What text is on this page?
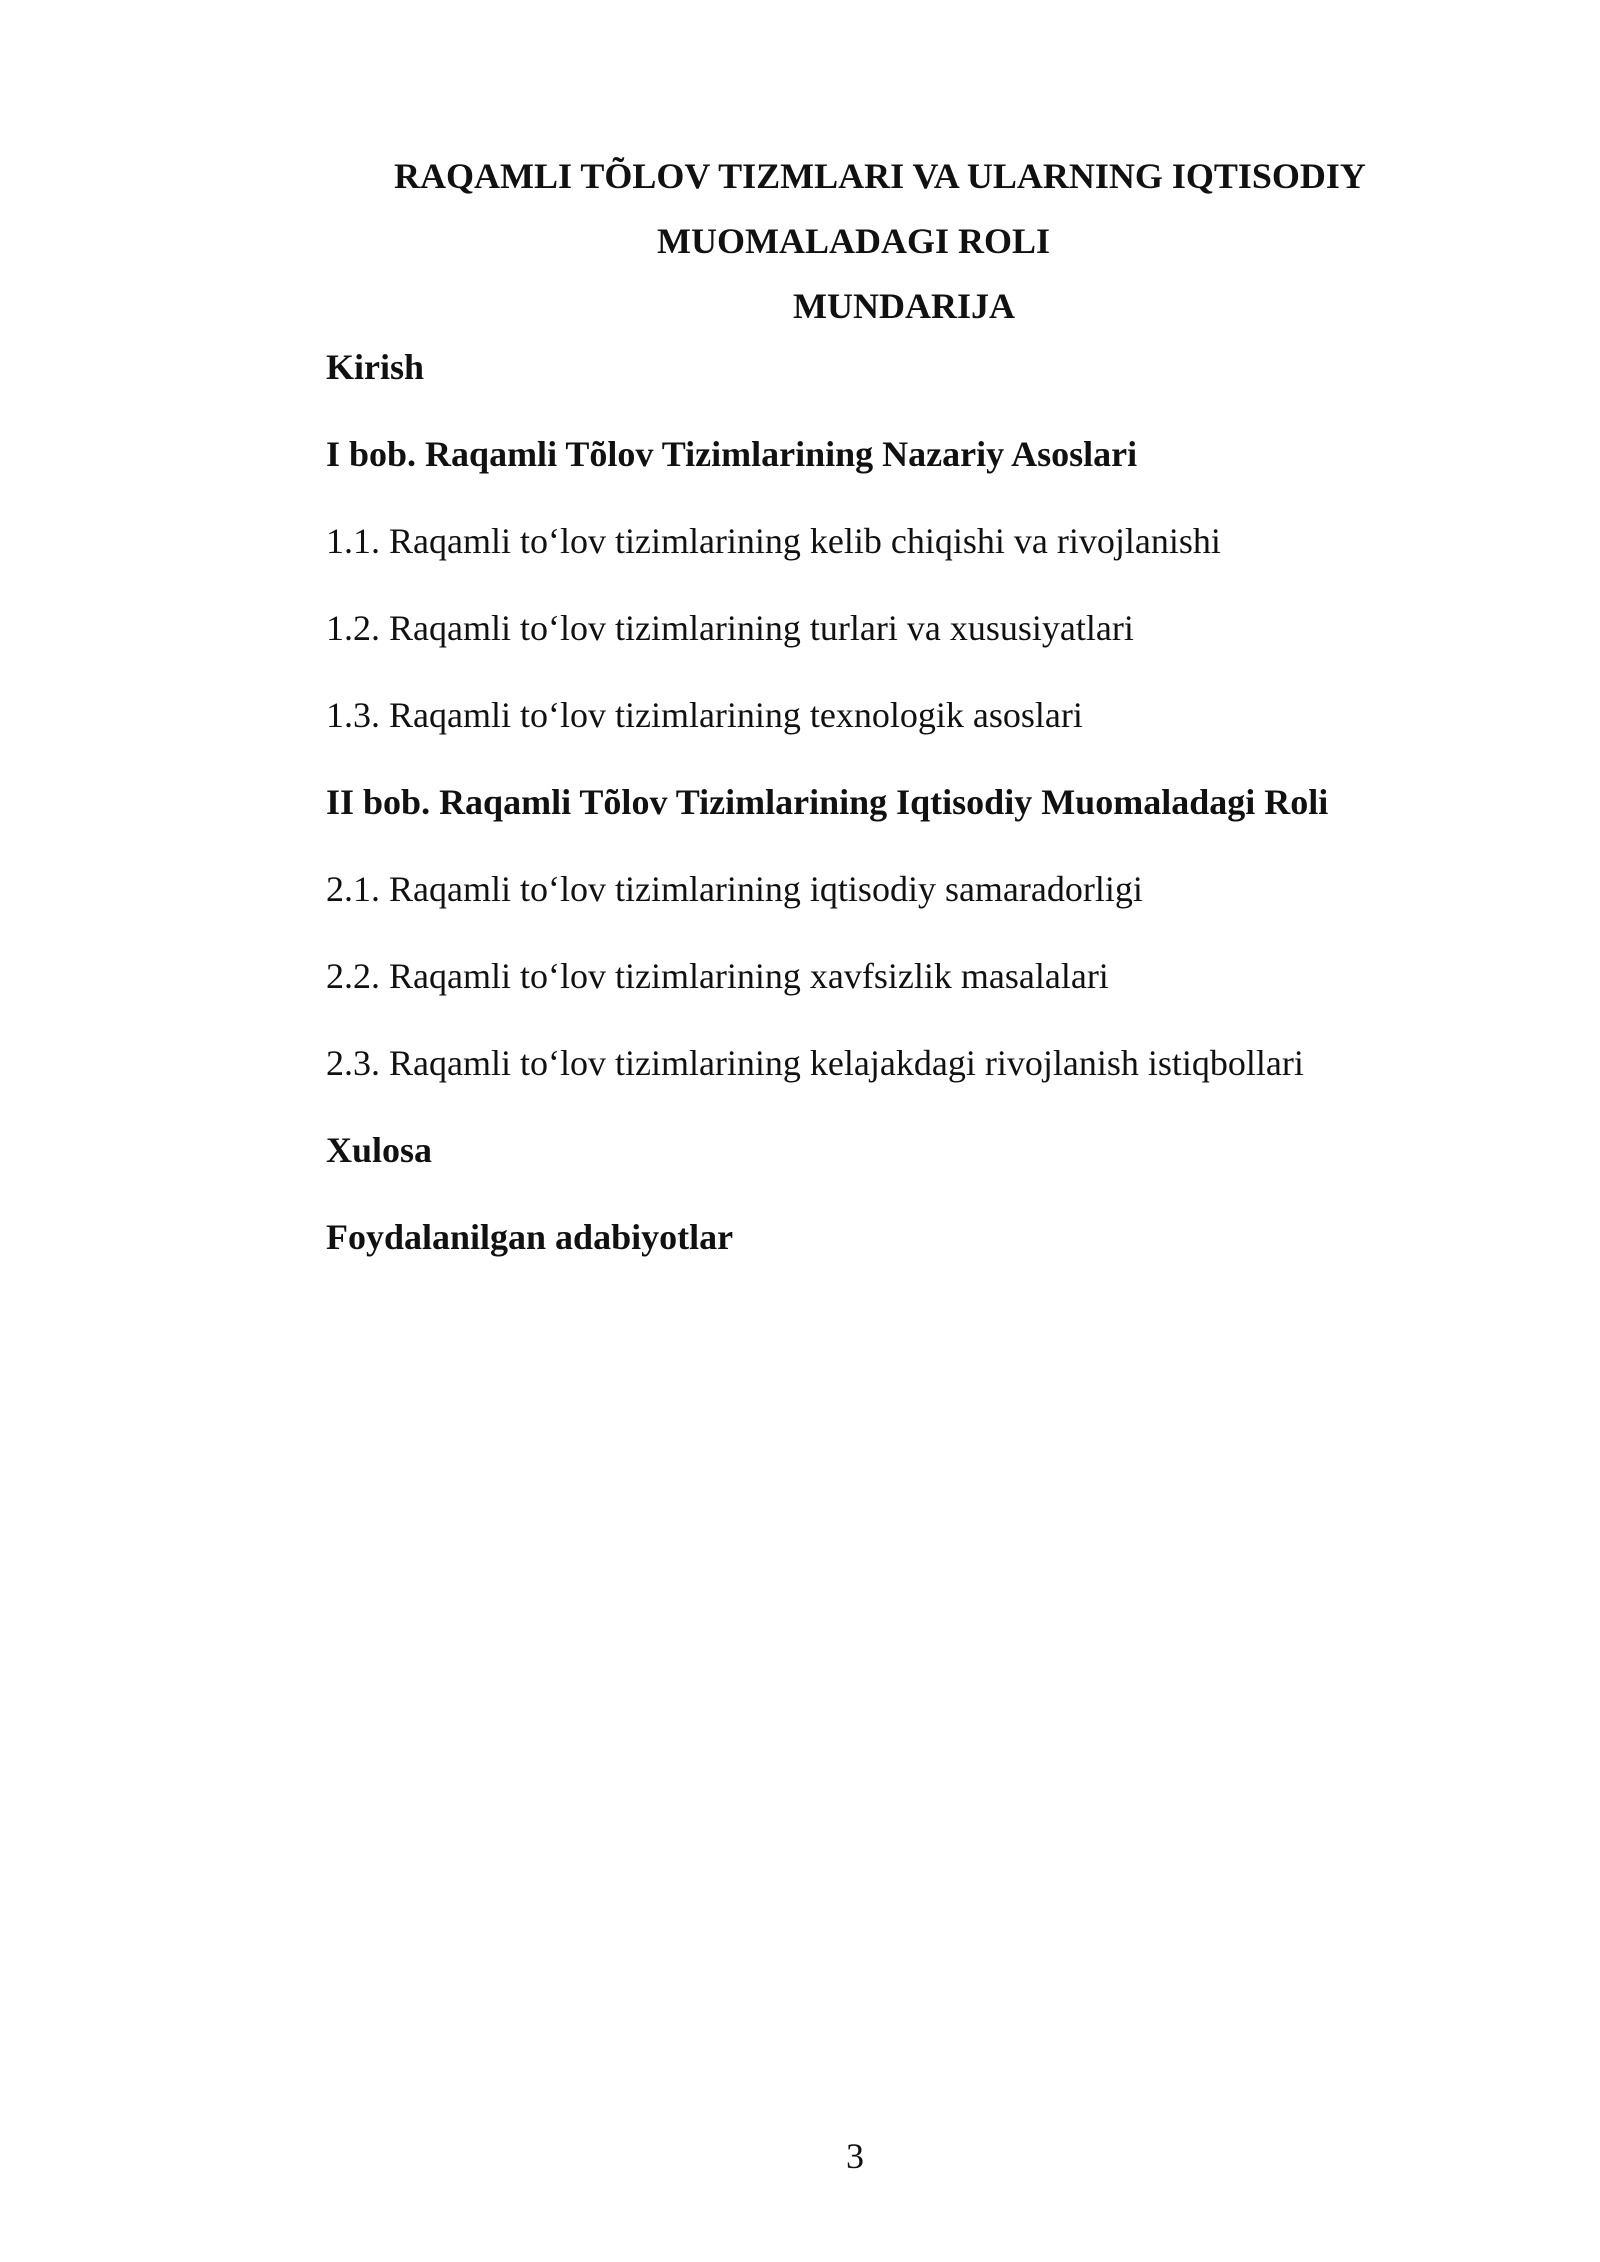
RAQAMLI TÕLOV TIZMLARI VA ULARNING IQTISODIY
MUOMALADAGI ROLI
MUNDARIJA

Kirish

I bob. Raqamli Tõlov Tizimlarining Nazariy Asoslari

1.1. Raqamli to‘lov tizimlarining kelib chiqishi va rivojlanishi

1.2. Raqamli to‘lov tizimlarining turlari va xususiyatlari

1.3. Raqamli to‘lov tizimlarining texnologik asoslari

II bob. Raqamli Tõlov Tizimlarining Iqtisodiy Muomaladagi Roli

2.1. Raqamli to‘lov tizimlarining iqtisodiy samaradorligi

2.2. Raqamli to‘lov tizimlarining xavfsizlik masalalari

2.3. Raqamli to‘lov tizimlarining kelajakdagi rivojlanish istiqbollari

Xulosa

Foydalanilgan adabiyotlar

3
